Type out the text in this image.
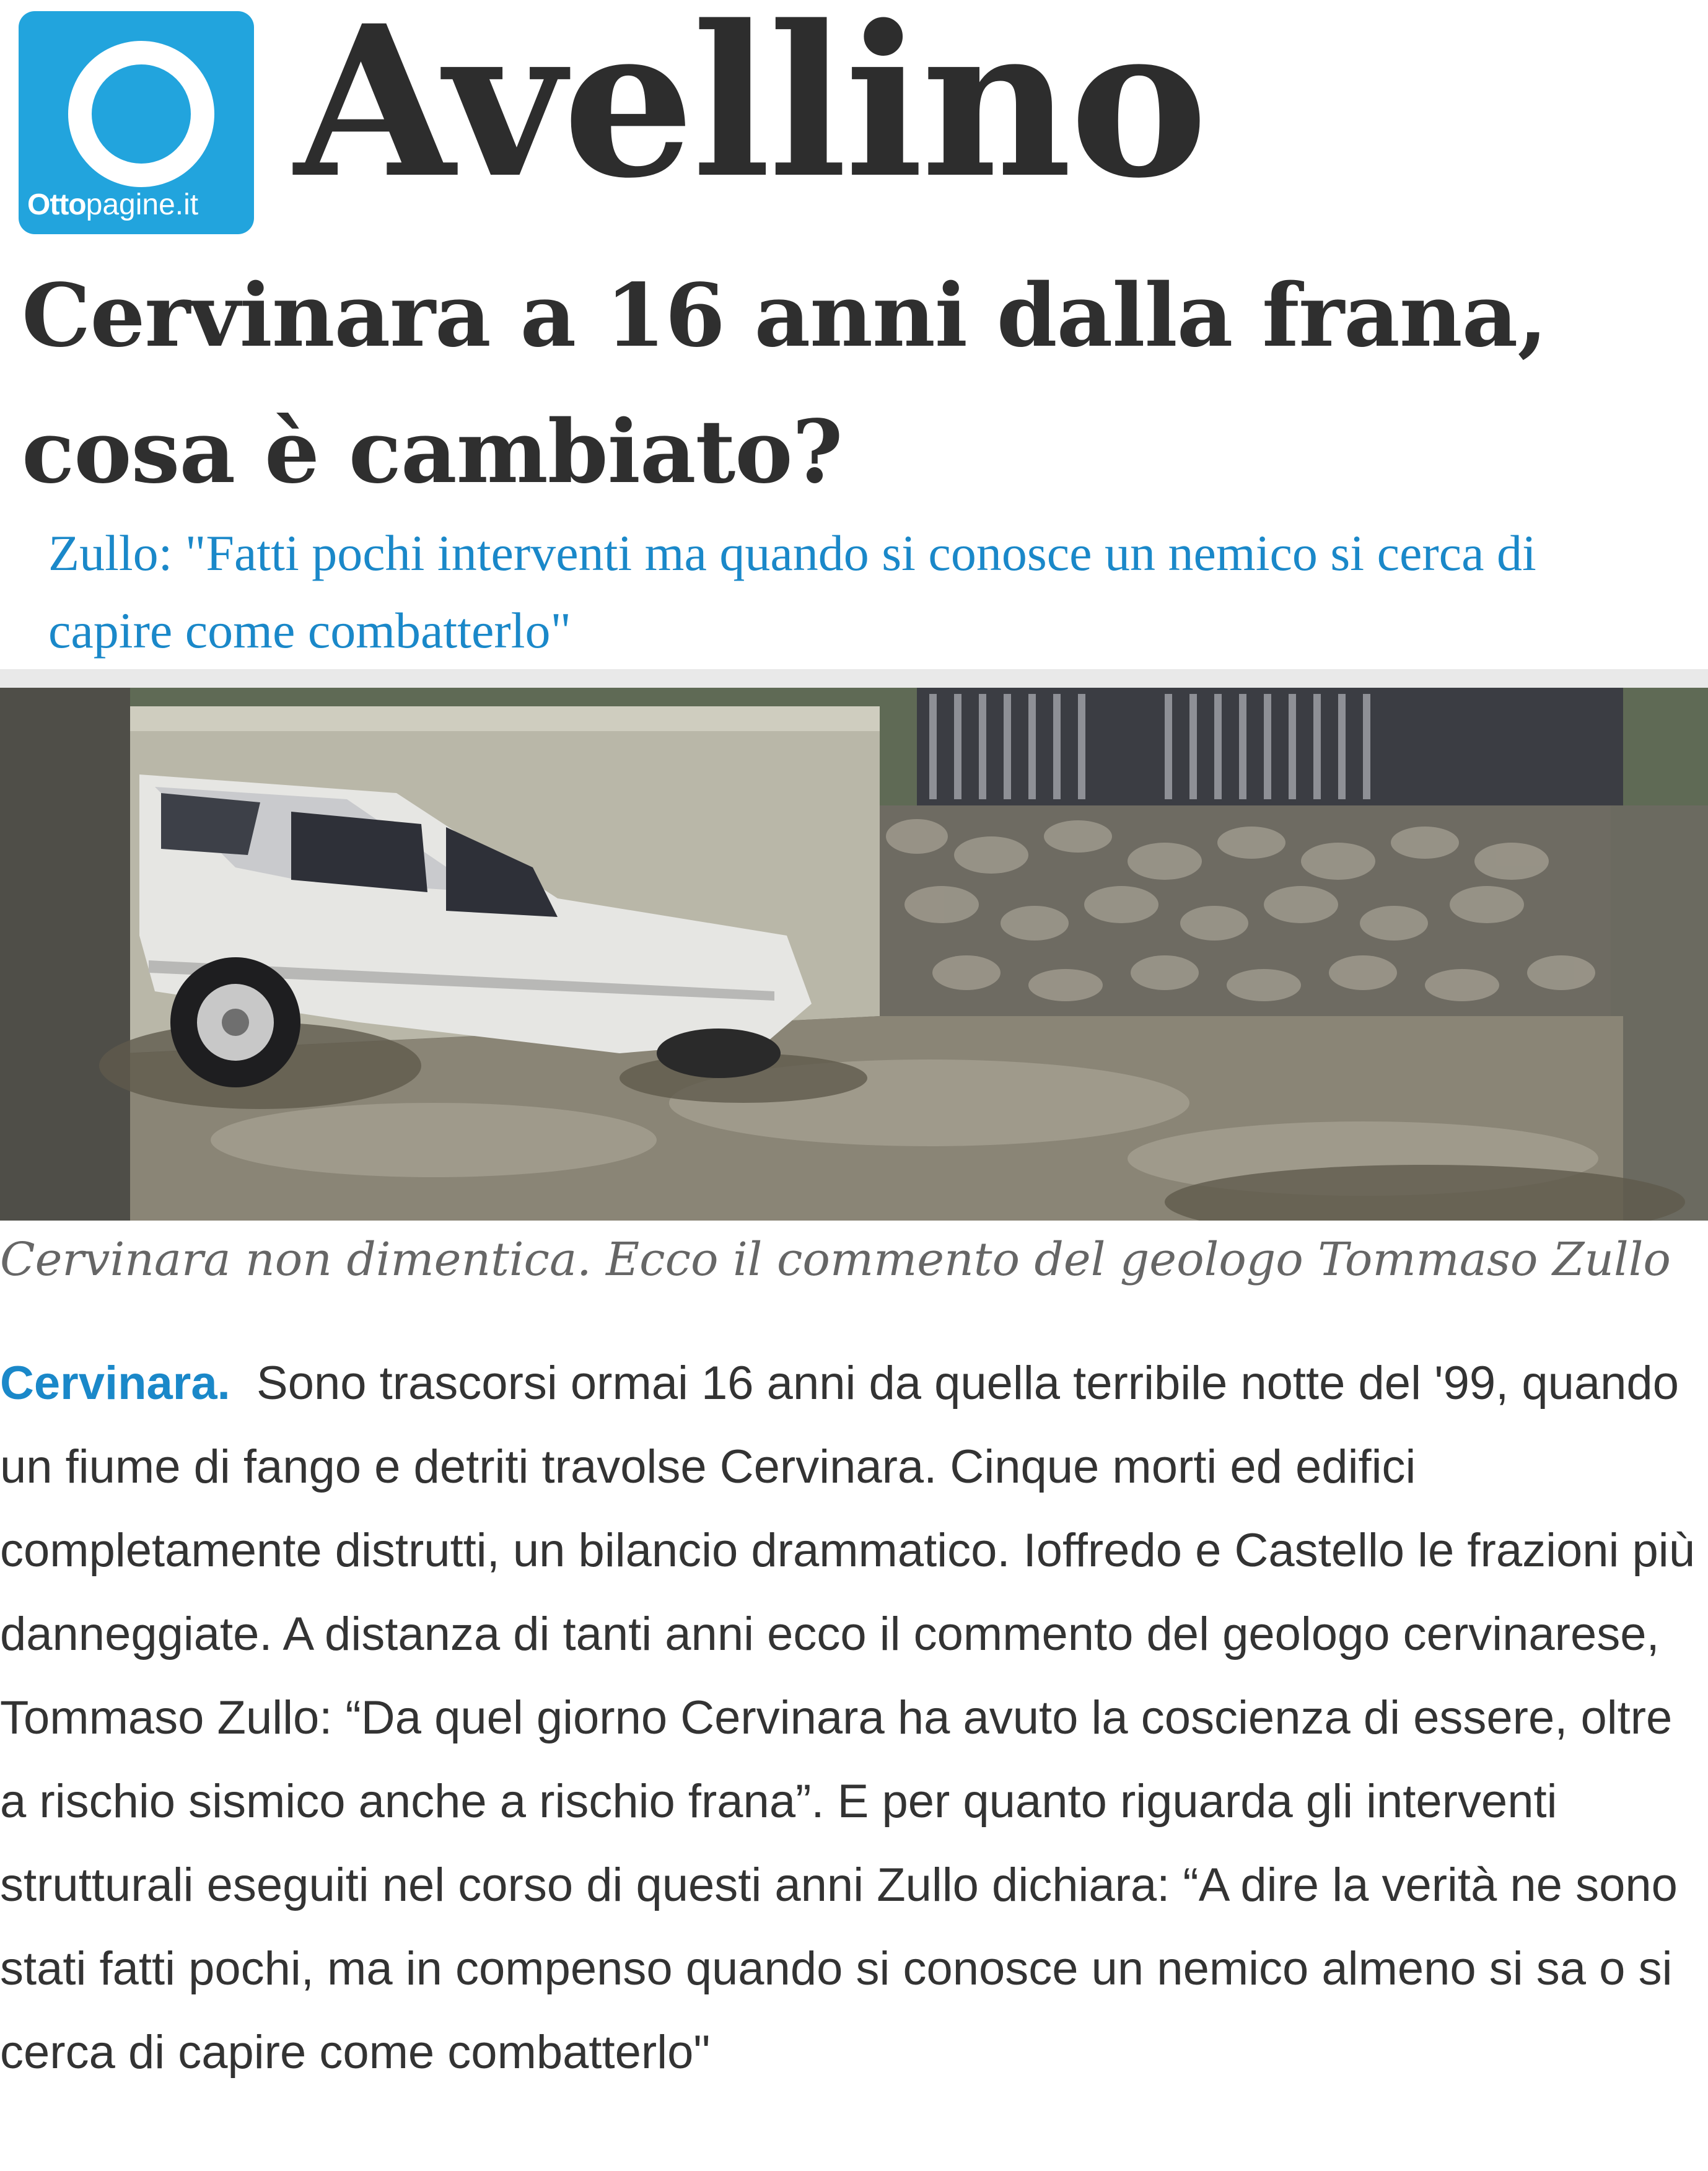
Ottopagine.it Avellino
Cervinara a 16 anni dalla frana, cosa è cambiato?

Zullo: "Fatti pochi interventi ma quando si conosce un nemico si cerca di capire come combatterlo"

Cervinara non dimentica. Ecco il commento del geologo Tommaso Zullo

Cervinara. Sono trascorsi ormai 16 anni da quella terribile notte del '99, quando un fiume di fango e detriti travolse Cervinara. Cinque morti ed edifici completamente distrutti, un bilancio drammatico. Ioffredo e Castello le frazioni più danneggiate. A distanza di tanti anni ecco il commento del geologo cervinarese, Tommaso Zullo: “Da quel giorno Cervinara ha avuto la coscienza di essere, oltre a rischio sismico anche a rischio frana”. E per quanto riguarda gli interventi strutturali eseguiti nel corso di questi anni Zullo dichiara: “A dire la verità ne sono stati fatti pochi, ma in compenso quando si conosce un nemico almeno si sa o si cerca di capire come combatterlo"
